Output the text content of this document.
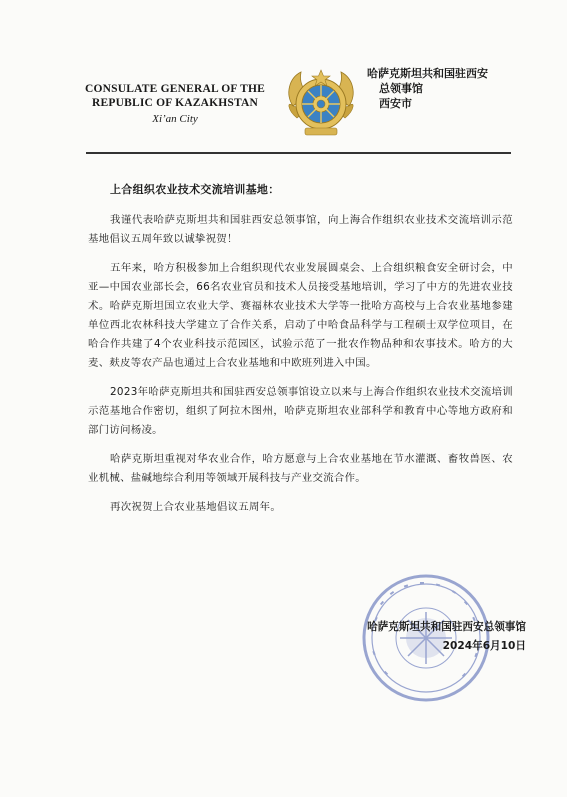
CONSULATE GENERAL OF THE
REPUBLIC OF KAZAKHSTAN
Xi’an City
哈萨克斯坦共和国驻西安
总领事馆
西安市
上合组织农业技术交流培训基地：

我谨代表哈萨克斯坦共和国驻西安总领事馆，向上海合作组织农业技术交流培训示范基地倡议五周年致以诚挚祝贺！

五年来，哈方积极参加上合组织现代农业发展圆桌会、上合组织粮食安全研讨会，中亚—中国农业部长会，66名农业官员和技术人员接受基地培训，学习了中方的先进农业技术。哈萨克斯坦国立农业大学、赛福林农业技术大学等一批哈方高校与上合农业基地参建单位西北农林科技大学建立了合作关系，启动了中哈食品科学与工程硕士双学位项目，在哈合作共建了4个农业科技示范园区，试验示范了一批农作物品种和农事技术。哈方的大麦、麸皮等农产品也通过上合农业基地和中欧班列进入中国。

2023年哈萨克斯坦共和国驻西安总领事馆设立以来与上海合作组织农业技术交流培训示范基地合作密切，组织了阿拉木图州，哈萨克斯坦农业部科学和教育中心等地方政府和部门访问杨凌。

哈萨克斯坦重视对华农业合作，哈方愿意与上合农业基地在节水灌溉、畜牧兽医、农业机械、盐碱地综合利用等领域开展科技与产业交流合作。

再次祝贺上合农业基地倡议五周年。

哈萨克斯坦共和国驻西安总领事馆
2024年6月10日
